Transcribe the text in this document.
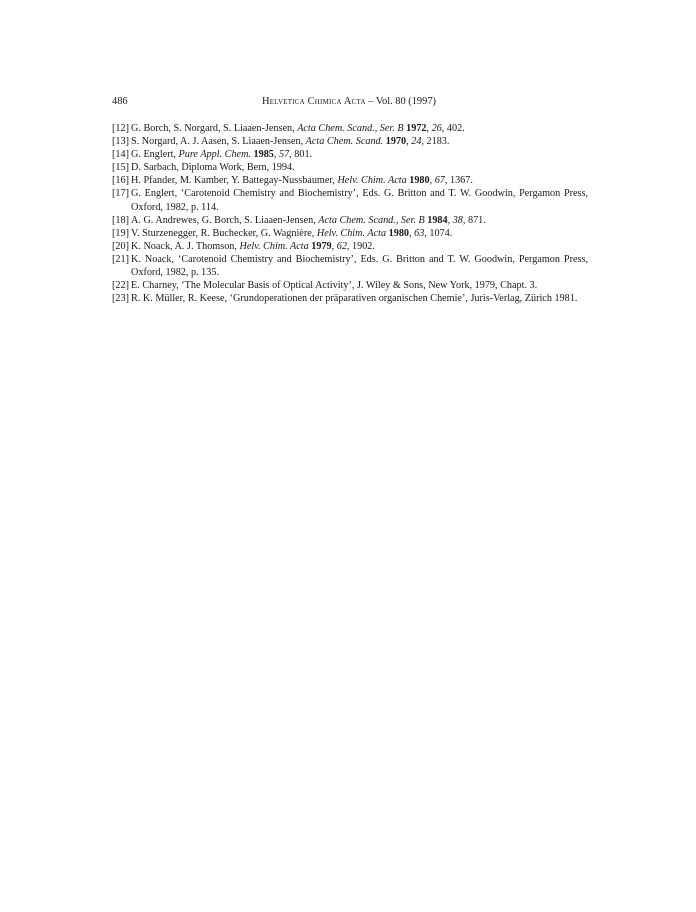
486	Helvetica Chimica Acta – Vol. 80 (1997)
[12] G. Borch, S. Norgard, S. Liaaen-Jensen, Acta Chem. Scand., Ser. B 1972, 26, 402.
[13] S. Norgard, A. J. Aasen, S. Liaaen-Jensen, Acta Chem. Scand. 1970, 24, 2183.
[14] G. Englert, Pure Appl. Chem. 1985, 57, 801.
[15] D. Sarbach, Diploma Work, Bern, 1994.
[16] H. Pfander, M. Kamber, Y. Battegay-Nussbaumer, Helv. Chim. Acta 1980, 67, 1367.
[17] G. Englert, ‘Carotenoid Chemistry and Biochemistry’, Eds. G. Britton and T. W. Goodwin, Pergamon Press, Oxford, 1982, p. 114.
[18] A. G. Andrewes, G. Borch, S. Liaaen-Jensen, Acta Chem. Scand., Ser. B 1984, 38, 871.
[19] V. Sturzenegger, R. Buchecker, G. Wagnière, Helv. Chim. Acta 1980, 63, 1074.
[20] K. Noack, A. J. Thomson, Helv. Chim. Acta 1979, 62, 1902.
[21] K. Noack, ‘Carotenoid Chemistry and Biochemistry’, Eds. G. Britton and T. W. Goodwin, Pergamon Press, Oxford, 1982, p. 135.
[22] E. Charney, ‘The Molecular Basis of Optical Activity’, J. Wiley & Sons, New York, 1979, Chapt. 3.
[23] R. K. Müller, R. Keese, ‘Grundoperationen der präparativen organischen Chemie’, Juris-Verlag, Zürich 1981.
